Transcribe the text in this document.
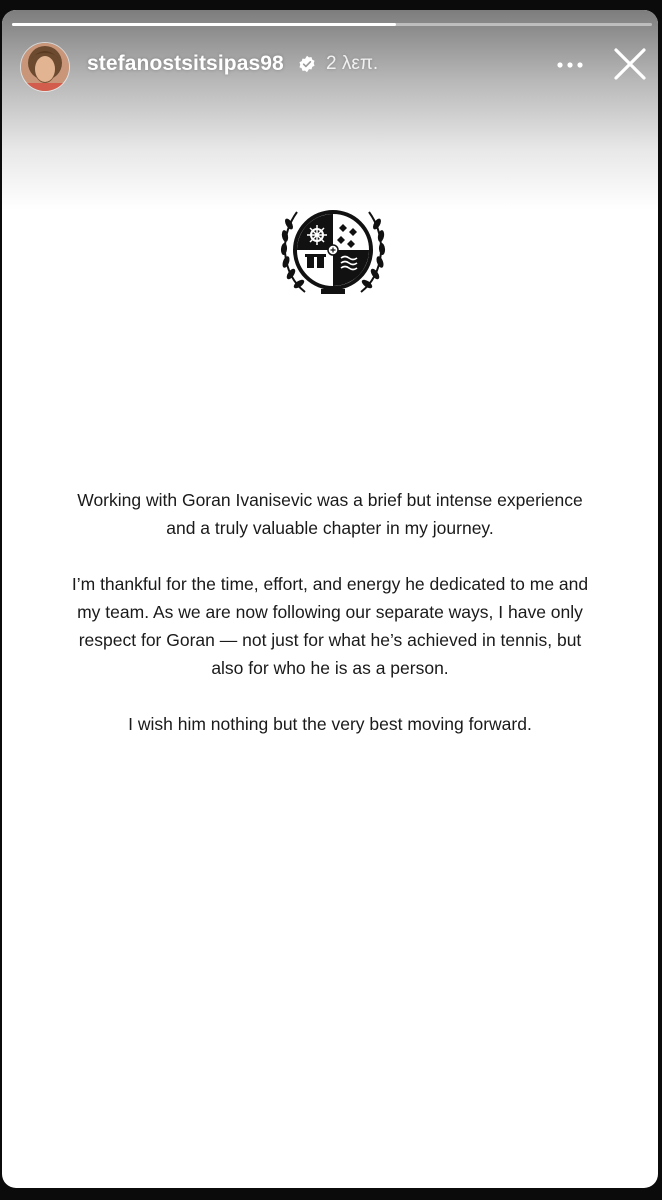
stefanostsitsipas98 2 λεπ.

Working with Goran Ivanisevic was a brief but intense experience and a truly valuable chapter in my journey.

I’m thankful for the time, effort, and energy he dedicated to me and my team. As we are now following our separate ways, I have only respect for Goran — not just for what he’s achieved in tennis, but also for who he is as a person.

I wish him nothing but the very best moving forward.
